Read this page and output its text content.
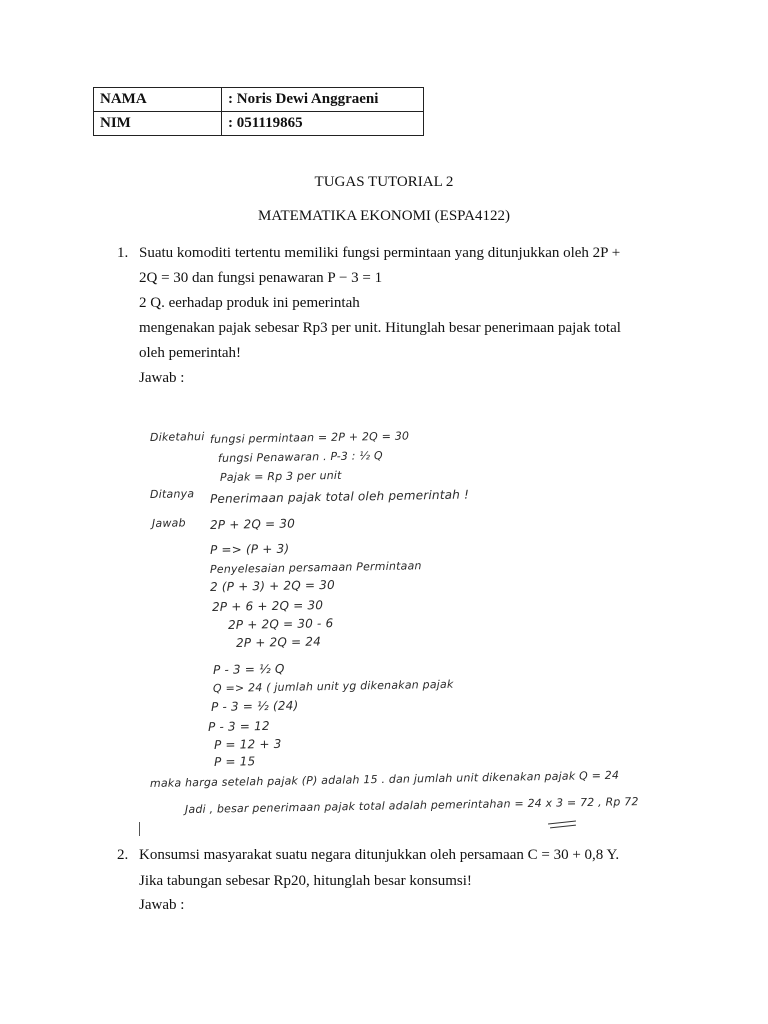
NAMA	: Noris Dewi Anggraeni
NIM	: 051119865
TUGAS TUTORIAL 2
MATEMATIKA EKONOMI (ESPA4122)
1. Suatu komoditi tertentu memiliki fungsi permintaan yang ditunjukkan oleh 2P +
2Q = 30 dan fungsi penawaran P − 3 = 1
2 Q. eerhadap produk ini pemerintah
mengenakan pajak sebesar Rp3 per unit. Hitunglah besar penerimaan pajak total
oleh pemerintah!
Jawab :
Diketahui fungsi permintaan = 2P + 2Q = 30
fungsi Penawaran . P-3 : ½ Q
Pajak = Rp 3 per unit
Ditanya Penerimaan pajak total oleh pemerintah !
Jawab 2P + 2Q = 30
P => (P + 3)
Penyelesaian persamaan Permintaan
2 (P + 3) + 2Q = 30
2P + 6 + 2Q = 30
2P + 2Q = 30 - 6
2P + 2Q = 24
P - 3 = ½ Q
Q => 24 ( jumlah unit yg dikenakan pajak
P - 3 = ½ (24)
P - 3 = 12
P = 12 + 3
P = 15
maka harga setelah pajak (P) adalah 15 . dan jumlah unit dikenakan pajak Q = 24
Jadi , besar penerimaan pajak total adalah pemerintahan = 24 x 3 = 72 , Rp 72
2. Konsumsi masyarakat suatu negara ditunjukkan oleh persamaan C = 30 + 0,8 Y.
Jika tabungan sebesar Rp20, hitunglah besar konsumsi!
Jawab :
